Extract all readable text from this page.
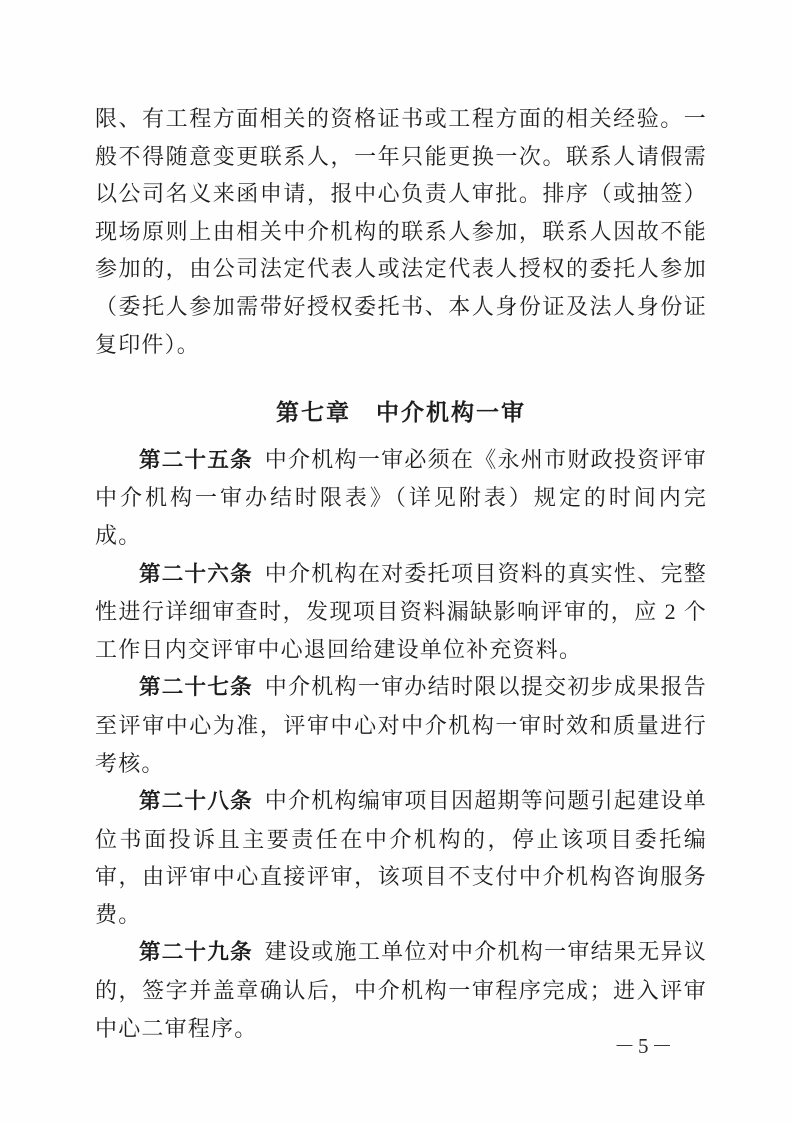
限、有工程方面相关的资格证书或工程方面的相关经验。一般不得随意变更联系人，一年只能更换一次。联系人请假需以公司名义来函申请，报中心负责人审批。排序（或抽签）现场原则上由相关中介机构的联系人参加，联系人因故不能参加的，由公司法定代表人或法定代表人授权的委托人参加（委托人参加需带好授权委托书、本人身份证及法人身份证复印件）。

第七章　中介机构一审

第二十五条 中介机构一审必须在《永州市财政投资评审中介机构一审办结时限表》（详见附表）规定的时间内完成。

第二十六条 中介机构在对委托项目资料的真实性、完整性进行详细审查时，发现项目资料漏缺影响评审的，应 2 个工作日内交评审中心退回给建设单位补充资料。

第二十七条 中介机构一审办结时限以提交初步成果报告至评审中心为准，评审中心对中介机构一审时效和质量进行考核。

第二十八条 中介机构编审项目因超期等问题引起建设单位书面投诉且主要责任在中介机构的，停止该项目委托编审，由评审中心直接评审，该项目不支付中介机构咨询服务费。

第二十九条 建设或施工单位对中介机构一审结果无异议的，签字并盖章确认后，中介机构一审程序完成；进入评审中心二审程序。

－5－
